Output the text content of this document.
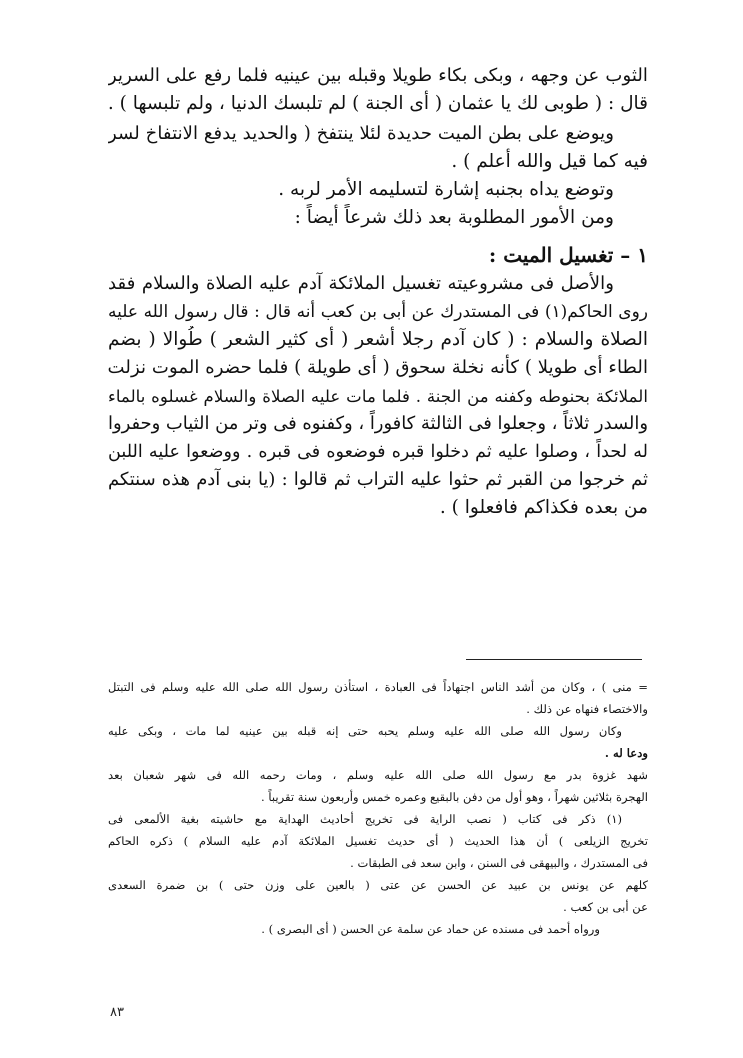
الثوب عن وجهه ، وبكى بكاء طويلا وقبله بين عينيه فلما رفع على السرير
قال : ( طوبى لك يا عثمان ( أى الجنة ) لم تلبسك الدنيا ، ولم تلبسها ) .
ويوضع على بطن الميت حديدة لئلا ينتفخ ( والحديد يدفع الانتفاخ لسر
فيه كما قيل والله أعلم ) .
وتوضع يداه بجنبه إشارة لتسليمه الأمر لربه .
ومن الأمور المطلوبة بعد ذلك شرعاً أيضاً :
١ – تغسيل الميت :
والأصل فى مشروعيته تغسيل الملائكة آدم عليه الصلاة والسلام فقد
روى الحاكم(١) فى المستدرك عن أبى بن كعب أنه قال : قال رسول الله عليه
الصلاة والسلام : ( كان آدم رجلا أشعر ( أى كثير الشعر ) طُوالا ( بضم
الطاء أى طويلا ) كأنه نخلة سحوق ( أى طويلة ) فلما حضره الموت نزلت
الملائكة بحنوطه وكفنه من الجنة . فلما مات عليه الصلاة والسلام غسلوه بالماء
والسدر ثلاثاً ، وجعلوا فى الثالثة كافوراً ، وكفنوه فى وتر من الثياب وحفروا
له لحداً ، وصلوا عليه ثم دخلوا قبره فوضعوه فى قبره . ووضعوا عليه اللبن
ثم خرجوا من القبر ثم حثوا عليه التراب ثم قالوا : (يا بنى آدم هذه سنتكم
من بعده فكذاكم فافعلوا ) .
= منى ) ، وكان من أشد الناس اجتهاداً فى العبادة ، استأذن رسول الله صلى الله عليه وسلم فى التبتل
والاختصاء فنهاه عن ذلك .
وكان رسول الله صلى الله عليه وسلم يحبه حتى إنه قبله بين عينيه لما مات ، وبكى عليه
ودعا له .
شهد غزوة بدر مع رسول الله صلى الله عليه وسلم ، ومات رحمه الله فى شهر شعبان بعد
الهجرة بثلاثين شهراً ، وهو أول من دفن بالبقيع وعمره خمس وأربعون سنة تقريباً .
(١) ذكر فى كتاب ( نصب الراية فى تخريج أحاديث الهداية مع حاشيته بغية الألمعى فى
تخريج الزيلعى ) أن هذا الحديث ( أى حديث تغسيل الملائكة آدم عليه السلام ) ذكره الحاكم
فى المستدرك ، والبيهقى فى السنن ، وابن سعد فى الطبقات .
كلهم عن يونس بن عبيد عن الحسن عن عتى ( بالعين على وزن حتى ) بن ضمرة السعدى
عن أبى بن كعب .
ورواه أحمد فى مسنده عن حماد عن سلمة عن الحسن ( أى البصرى ) .
٨٣
